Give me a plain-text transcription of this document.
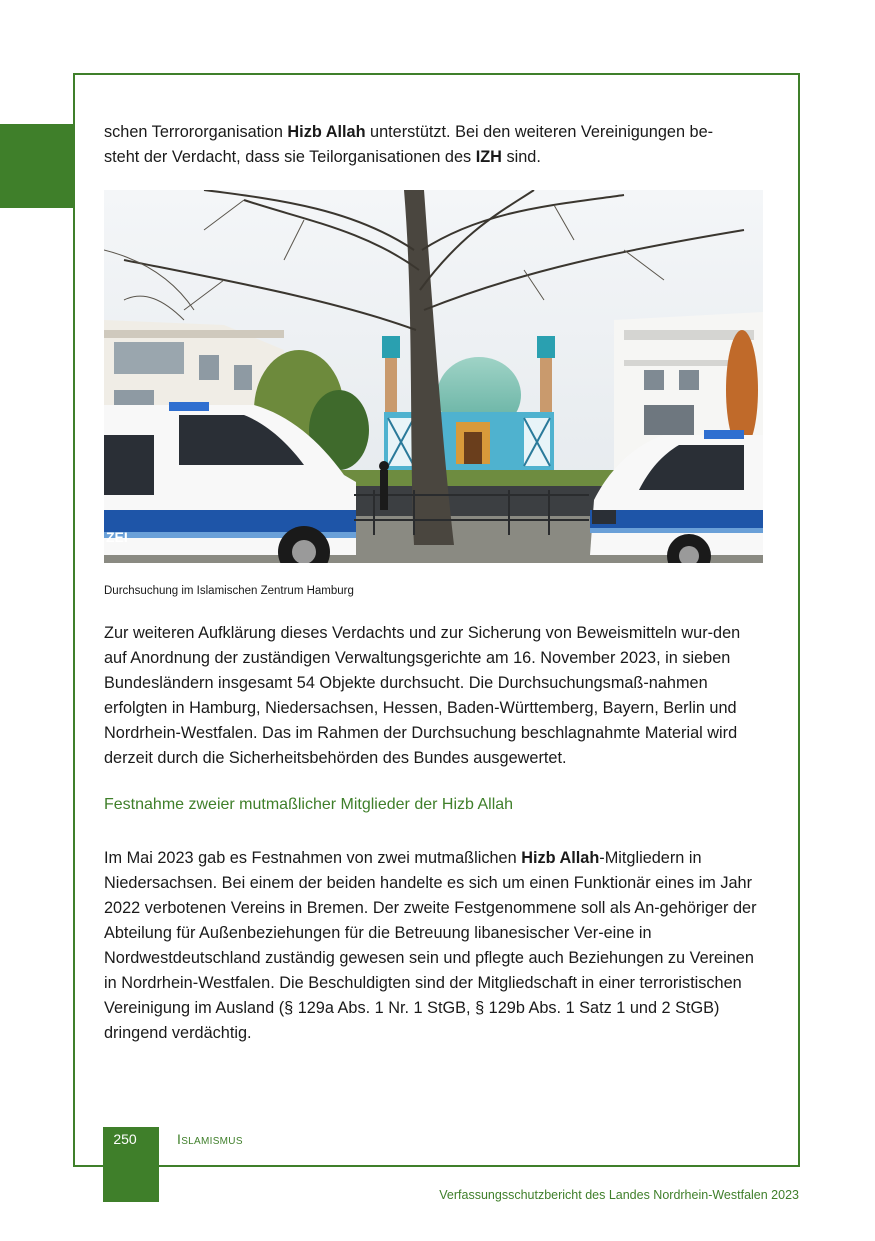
schen Terrororganisation Hizb Allah unterstützt. Bei den weiteren Vereinigungen be-
steht der Verdacht, dass sie Teilorganisationen des IZH sind.

ZEI
Durchsuchung im Islamischen Zentrum Hamburg

Zur weiteren Aufklärung dieses Verdachts und zur Sicherung von Beweismitteln wur-den auf Anordnung der zuständigen Verwaltungsgerichte am 16. November 2023, in sieben Bundesländern insgesamt 54 Objekte durchsucht. Die Durchsuchungsmaß-nahmen erfolgten in Hamburg, Niedersachsen, Hessen, Baden-Württemberg, Bayern, Berlin und Nordrhein-Westfalen. Das im Rahmen der Durchsuchung beschlagnahmte Material wird derzeit durch die Sicherheitsbehörden des Bundes ausgewertet.

Festnahme zweier mutmaßlicher Mitglieder der Hizb Allah

Im Mai 2023 gab es Festnahmen von zwei mutmaßlichen Hizb Allah-Mitgliedern in Niedersachsen. Bei einem der beiden handelte es sich um einen Funktionär eines im Jahr 2022 verbotenen Vereins in Bremen. Der zweite Festgenommene soll als An-gehöriger der Abteilung für Außenbeziehungen für die Betreuung libanesischer Ver-eine in Nordwestdeutschland zuständig gewesen sein und pflegte auch Beziehungen zu Vereinen in Nordrhein-Westfalen. Die Beschuldigten sind der Mitgliedschaft in einer terroristischen Vereinigung im Ausland (§ 129a Abs. 1 Nr. 1 StGB, § 129b Abs. 1 Satz 1 und 2 StGB) dringend verdächtig.

250	Islamismus
Verfassungsschutzbericht des Landes Nordrhein-Westfalen 2023
